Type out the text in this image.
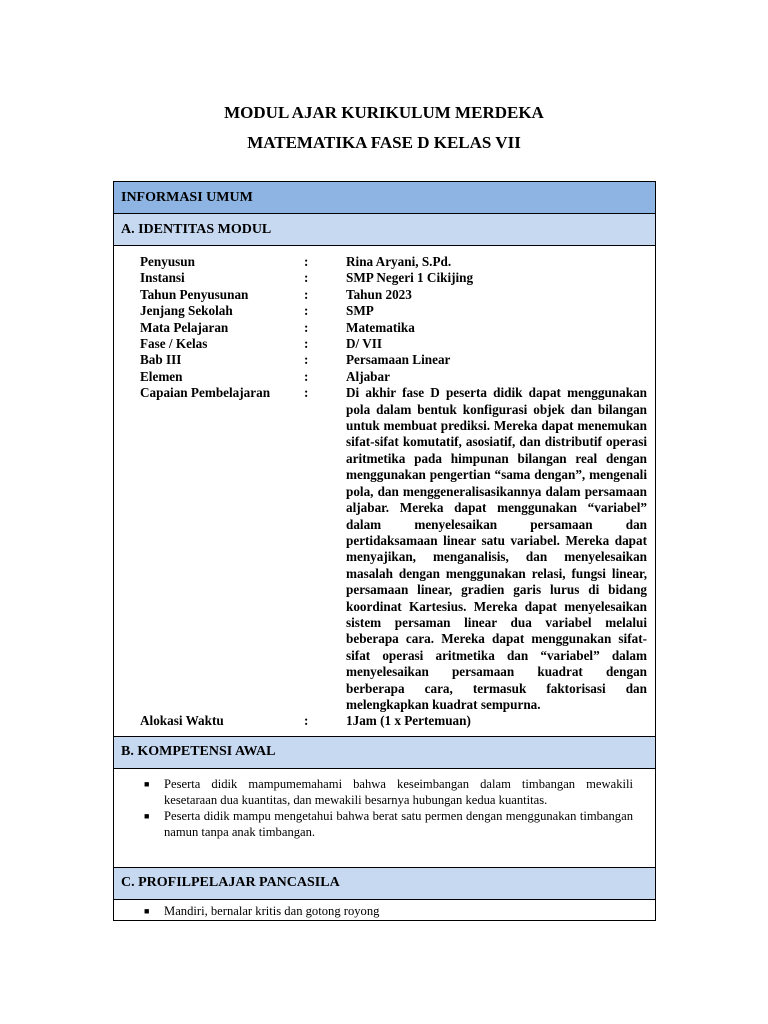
MODUL AJAR KURIKULUM MERDEKA
MATEMATIKA FASE D KELAS VII
INFORMASI UMUM
A. IDENTITAS MODUL

Penyusun	:	Rina Aryani, S.Pd.
Instansi	:	SMP Negeri 1 Cikijing
Tahun Penyusunan	:	Tahun 2023
Jenjang Sekolah	:	SMP
Mata Pelajaran	:	Matematika
Fase / Kelas	:	D/ VII
Bab III	:	Persamaan Linear
Elemen	:	Aljabar
Capaian Pembelajaran	:	Di akhir fase D peserta didik dapat menggunakan pola dalam bentuk konfigurasi objek dan bilangan untuk membuat prediksi. Mereka dapat menemukan sifat-sifat komutatif, asosiatif, dan distributif operasi aritmetika pada himpunan bilangan real dengan menggunakan pengertian “sama dengan”, mengenali pola, dan menggeneralisasikannya dalam persamaan aljabar. Mereka dapat menggunakan “variabel” dalam menyelesaikan persamaan dan pertidaksamaan linear satu variabel. Mereka dapat menyajikan, menganalisis, dan menyelesaikan masalah dengan menggunakan relasi, fungsi linear, persamaan linear, gradien garis lurus di bidang koordinat Kartesius. Mereka dapat menyelesaikan sistem persaman linear dua variabel melalui beberapa cara. Mereka dapat menggunakan sifat-sifat operasi aritmetika dan “variabel” dalam menyelesaikan persamaan kuadrat dengan berberapa cara, termasuk faktorisasi dan melengkapkan kuadrat sempurna.
Alokasi Waktu	:	1Jam (1 x Pertemuan)

B. KOMPETENSI AWAL

■ Peserta didik mampumemahami bahwa keseimbangan dalam timbangan mewakili kesetaraan dua kuantitas, dan mewakili besarnya hubungan kedua kuantitas.
■ Peserta didik mampu mengetahui bahwa berat satu permen dengan menggunakan timbangan namun tanpa anak timbangan.

C. PROFILPELAJAR PANCASILA

■ Mandiri, bernalar kritis dan gotong royong
